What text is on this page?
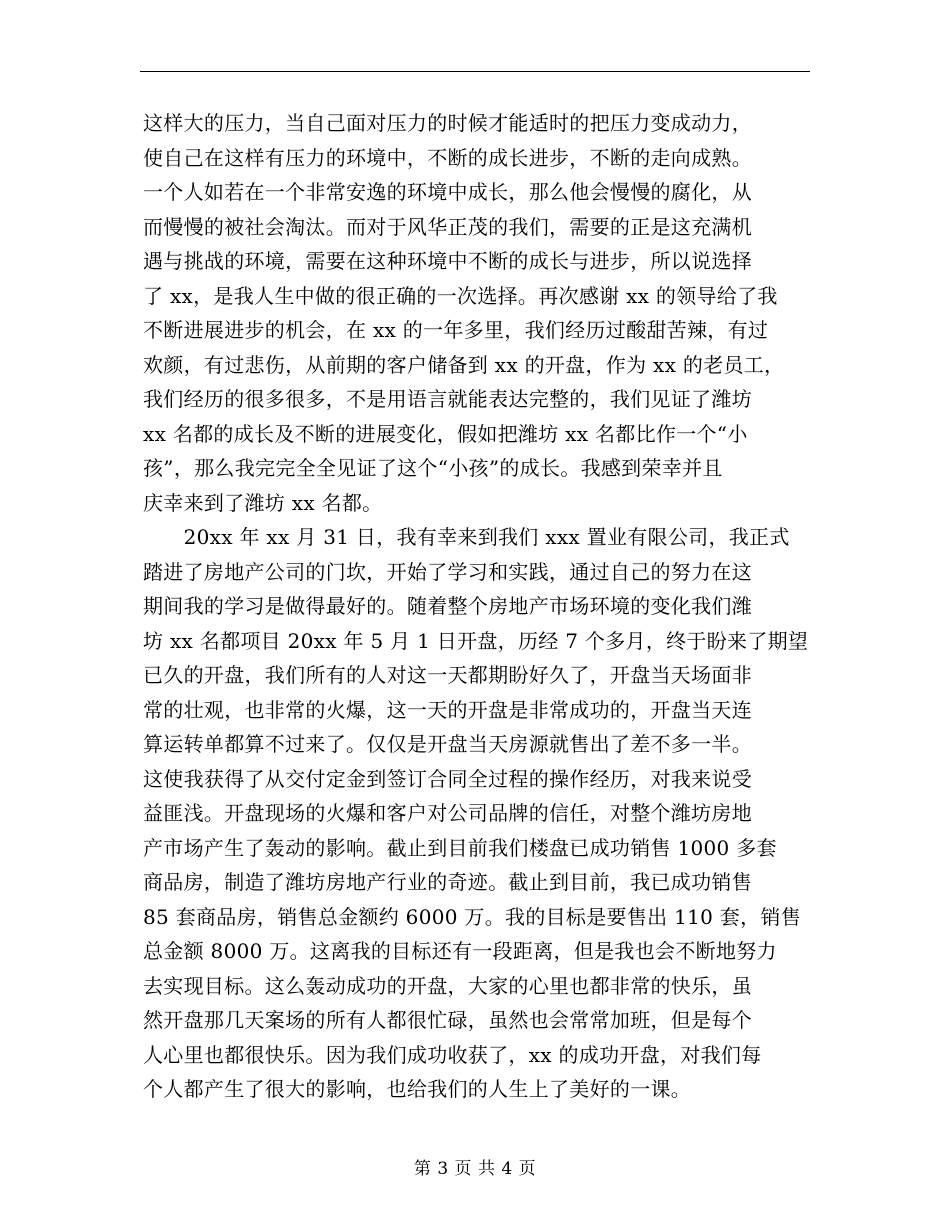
这样大的压力，当自己面对压力的时候才能适时的把压力变成动力，
使自己在这样有压力的环境中，不断的成长进步，不断的走向成熟。
一个人如若在一个非常安逸的环境中成长，那么他会慢慢的腐化，从
而慢慢的被社会淘汰。而对于风华正茂的我们，需要的正是这充满机
遇与挑战的环境，需要在这种环境中不断的成长与进步，所以说选择
了 xx，是我人生中做的很正确的一次选择。再次感谢 xx 的领导给了我
不断进展进步的机会，在 xx 的一年多里，我们经历过酸甜苦辣，有过
欢颜，有过悲伤，从前期的客户储备到 xx 的开盘，作为 xx 的老员工，
我们经历的很多很多，不是用语言就能表达完整的，我们见证了潍坊
xx 名都的成长及不断的进展变化，假如把潍坊 xx 名都比作一个“小
孩”，那么我完完全全见证了这个“小孩”的成长。我感到荣幸并且
庆幸来到了潍坊 xx 名都。
　　20xx 年 xx 月 31 日，我有幸来到我们 xxx 置业有限公司，我正式
踏进了房地产公司的门坎，开始了学习和实践，通过自己的努力在这
期间我的学习是做得最好的。随着整个房地产市场环境的变化我们潍
坊 xx 名都项目 20xx 年 5 月 1 日开盘，历经 7 个多月，终于盼来了期望
已久的开盘，我们所有的人对这一天都期盼好久了，开盘当天场面非
常的壮观，也非常的火爆，这一天的开盘是非常成功的，开盘当天连
算运转单都算不过来了。仅仅是开盘当天房源就售出了差不多一半。
这使我获得了从交付定金到签订合同全过程的操作经历，对我来说受
益匪浅。开盘现场的火爆和客户对公司品牌的信任，对整个潍坊房地
产市场产生了轰动的影响。截止到目前我们楼盘已成功销售 1000 多套
商品房，制造了潍坊房地产行业的奇迹。截止到目前，我已成功销售
85 套商品房，销售总金额约 6000 万。我的目标是要售出 110 套，销售
总金额 8000 万。这离我的目标还有一段距离，但是我也会不断地努力
去实现目标。这么轰动成功的开盘，大家的心里也都非常的快乐，虽
然开盘那几天案场的所有人都很忙碌，虽然也会常常加班，但是每个
人心里也都很快乐。因为我们成功收获了，xx 的成功开盘，对我们每
个人都产生了很大的影响，也给我们的人生上了美好的一课。
第 3 页 共 4 页
